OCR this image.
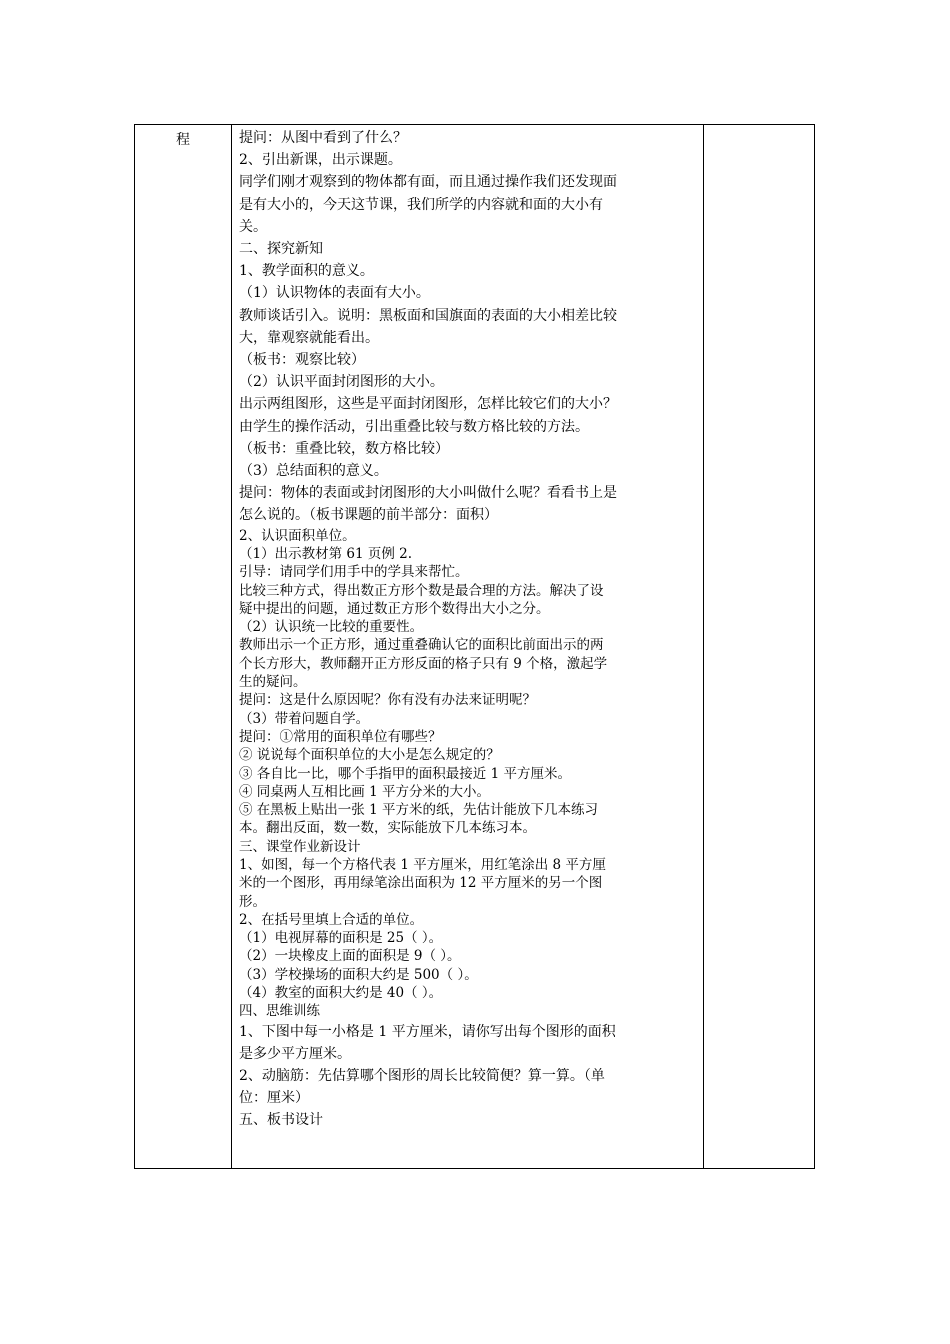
程	提问：从图中看到了什么？
2、引出新课，出示课题。
同学们刚才观察到的物体都有面，而且通过操作我们还发现面
是有大小的，今天这节课，我们所学的内容就和面的大小有
关。
二、探究新知
1、教学面积的意义。
（1）认识物体的表面有大小。
教师谈话引入。说明：黑板面和国旗面的表面的大小相差比较
大，靠观察就能看出。
（板书：观察比较）
（2）认识平面封闭图形的大小。
出示两组图形，这些是平面封闭图形，怎样比较它们的大小？
由学生的操作活动，引出重叠比较与数方格比较的方法。
（板书：重叠比较，数方格比较）
（3）总结面积的意义。
提问：物体的表面或封闭图形的大小叫做什么呢？看看书上是
怎么说的。（板书课题的前半部分：面积）
2、认识面积单位。
（1）出示教材第 61 页例 2.
引导：请同学们用手中的学具来帮忙。
比较三种方式，得出数正方形个数是最合理的方法。解决了设
疑中提出的问题，通过数正方形个数得出大小之分。
（2）认识统一比较的重要性。
教师出示一个正方形，通过重叠确认它的面积比前面出示的两
个长方形大，教师翻开正方形反面的格子只有 9 个格，激起学
生的疑问。
提问：这是什么原因呢？你有没有办法来证明呢？
（3）带着问题自学。
提问：①常用的面积单位有哪些？
② 说说每个面积单位的大小是怎么规定的？
③ 各自比一比，哪个手指甲的面积最接近 1 平方厘米。
④ 同桌两人互相比画 1 平方分米的大小。
⑤ 在黑板上贴出一张 1 平方米的纸，先估计能放下几本练习
本。翻出反面，数一数，实际能放下几本练习本。
三、课堂作业新设计
1、如图，每一个方格代表 1 平方厘米，用红笔涂出 8 平方厘
米的一个图形，再用绿笔涂出面积为 12 平方厘米的另一个图
形。
2、在括号里填上合适的单位。
（1）电视屏幕的面积是 25（ ）。
（2）一块橡皮上面的面积是 9（ ）。
（3）学校操场的面积大约是 500（ ）。
（4）教室的面积大约是 40（ ）。
四、思维训练
1、下图中每一小格是 1 平方厘米，请你写出每个图形的面积
是多少平方厘米。
2、动脑筋：先估算哪个图形的周长比较简便？算一算。（单
位：厘米）
五、板书设计
